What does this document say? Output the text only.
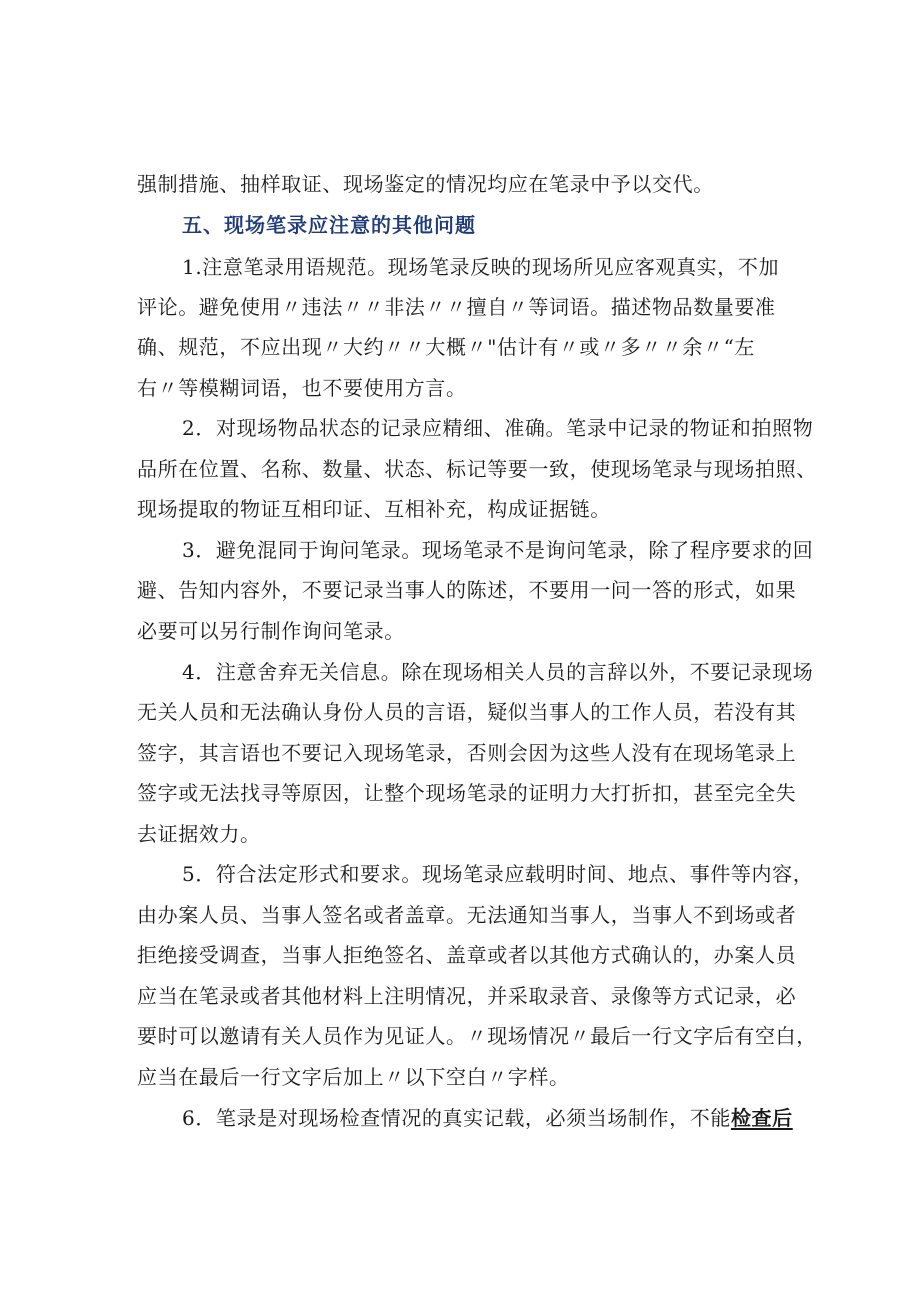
强制措施、抽样取证、现场鉴定的情况均应在笔录中予以交代。
五、现场笔录应注意的其他问题
1.注意笔录用语规范。现场笔录反映的现场所见应客观真实，不加
评论。避免使用〃违法〃〃非法〃〃擅自〃等词语。描述物品数量要准
确、规范，不应出现〃大约〃〃大概〃"估计有〃或〃多〃〃余〃“左
右〃等模糊词语，也不要使用方言。
2．对现场物品状态的记录应精细、准确。笔录中记录的物证和拍照物
品所在位置、名称、数量、状态、标记等要一致，使现场笔录与现场拍照、
现场提取的物证互相印证、互相补充，构成证据链。
3．避免混同于询问笔录。现场笔录不是询问笔录，除了程序要求的回
避、告知内容外，不要记录当事人的陈述，不要用一问一答的形式，如果
必要可以另行制作询问笔录。
4．注意舍弃无关信息。除在现场相关人员的言辞以外，不要记录现场
无关人员和无法确认身份人员的言语，疑似当事人的工作人员，若没有其
签字，其言语也不要记入现场笔录，否则会因为这些人没有在现场笔录上
签字或无法找寻等原因，让整个现场笔录的证明力大打折扣，甚至完全失
去证据效力。
5．符合法定形式和要求。现场笔录应载明时间、地点、事件等内容，
由办案人员、当事人签名或者盖章。无法通知当事人，当事人不到场或者
拒绝接受调查，当事人拒绝签名、盖章或者以其他方式确认的，办案人员
应当在笔录或者其他材料上注明情况，并采取录音、录像等方式记录，必
要时可以邀请有关人员作为见证人。〃现场情况〃最后一行文字后有空白，
应当在最后一行文字后加上〃以下空白〃字样。
6．笔录是对现场检查情况的真实记载，必须当场制作，不能检查后
